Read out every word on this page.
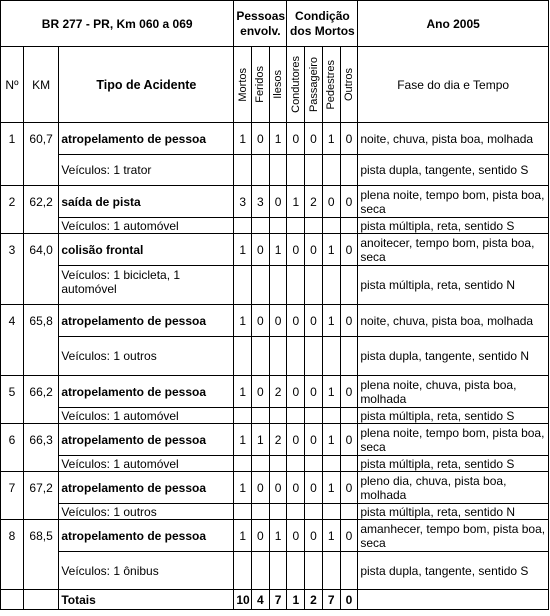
BR 277 - PR, Km 060 a 069			Pessoas envolv.			Condição dos Mortos				Ano 2005
Nº	KM	Tipo de Acidente	Mortos	Feridos	Ilesos	Condutores	Passageiro	Pedestres	Outros	Fase do dia e Tempo
1	60,7	atropelamento de pessoa	1	0	1	0	0	1	0	noite, chuva, pista boa, molhada
		Veículos: 1 trator								pista dupla, tangente, sentido S
2	62,2	saída de pista	3	3	0	1	2	0	0	plena noite, tempo bom, pista boa, seca
		Veículos: 1 automóvel								pista múltipla, reta, sentido S
3	64,0	colisão frontal	1	0	1	0	0	1	0	anoitecer, tempo bom, pista boa, seca
		Veículos: 1 bicicleta, 1 automóvel								pista múltipla, reta, sentido N
4	65,8	atropelamento de pessoa	1	0	0	0	0	1	0	noite, chuva, pista boa, molhada
		Veículos: 1 outros								pista dupla, tangente, sentido N
5	66,2	atropelamento de pessoa	1	0	2	0	0	1	0	plena noite, chuva, pista boa, molhada
		Veículos: 1 automóvel								pista múltipla, reta, sentido S
6	66,3	atropelamento de pessoa	1	1	2	0	0	1	0	plena noite, tempo bom, pista boa, seca
		Veículos: 1 automóvel								pista múltipla, reta, sentido S
7	67,2	atropelamento de pessoa	1	0	0	0	0	1	0	pleno dia, chuva, pista boa, molhada
		Veículos: 1 outros								pista múltipla, reta, sentido N
8	68,5	atropelamento de pessoa	1	0	1	0	0	1	0	amanhecer, tempo bom, pista boa, seca
		Veículos: 1 ônibus								pista dupla, tangente, sentido S
		Totais	10	4	7	1	2	7	0	
